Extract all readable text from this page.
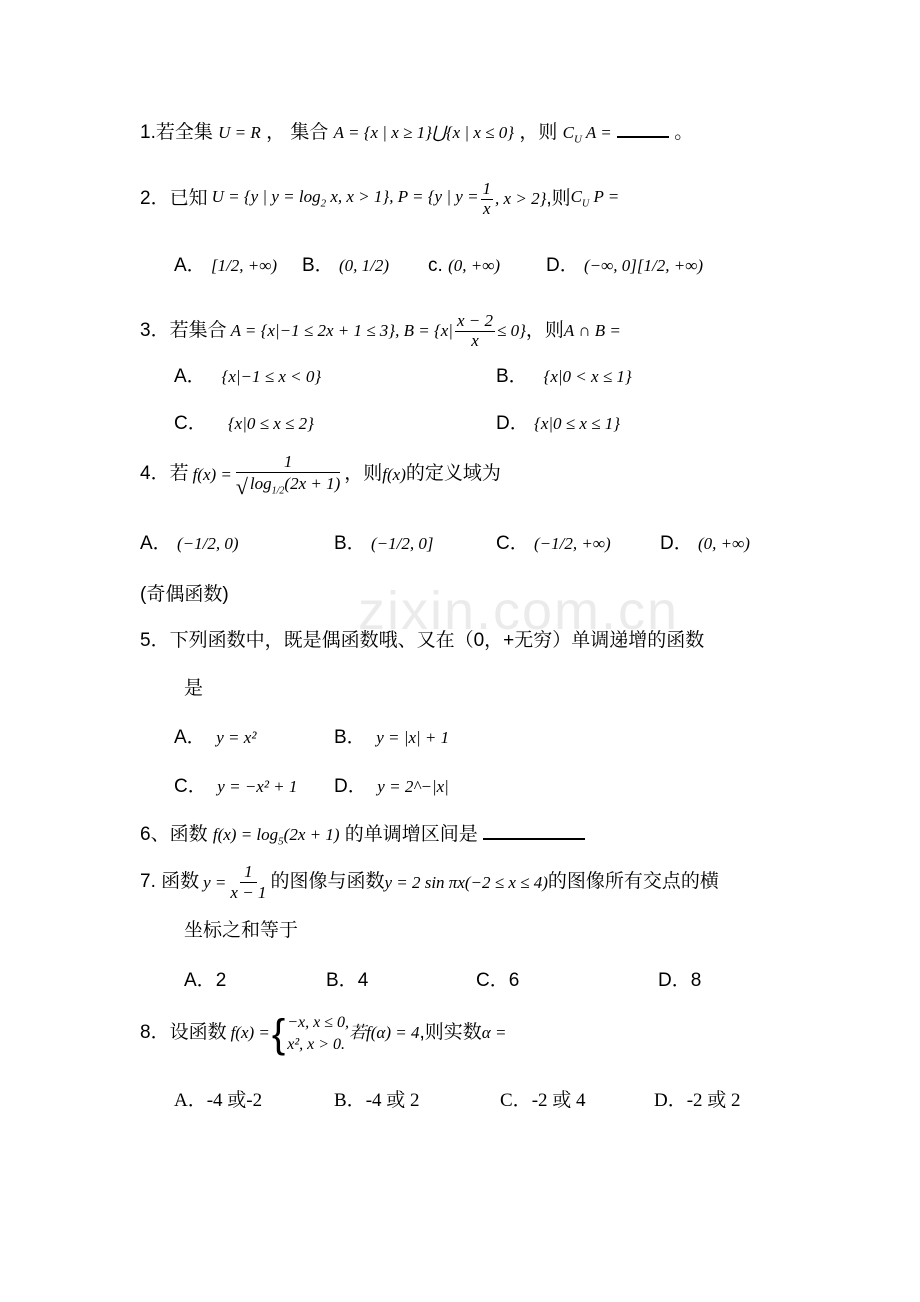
zixin.com.cn
1.若全集 U = R ， 集合 A = {x | x ≥ 1}⋃{x | x ≤ 0} ，则 $C_U$ A =	。
2．已知 U = {y | $y = \log_2 x$, x > 1}, P = {y | $y = \frac{1}{x}$ , x > 2} ,则 $C_U$ P =
A． [1/2, +∞) B． (0, 1/2) c. (0, +∞) D． (−∞, 0][1/2, +∞)
3．若集合 A = {x|−1 ≤ 2x + 1 ≤ 3}, $B = \{x| \frac{x - 2}{x} \le 0\}$ ，则 A ∩ B =
A． {x|−1 ≤ x < 0}	B． {x|0 < x ≤ 1}
C． {x|0 ≤ x ≤ 2}	D． {x|0 ≤ x ≤ 1}
4．若 $f(x) = \frac{1}{√ \log_{1/2}(2x + 1)}$ ，则 f(x) 的定义域为
A． (−1/2, 0)	B． (−1/2, 0]	C． (−1/2, +∞)	D． (0, +∞)
(奇偶函数)
5．下列函数中，既是偶函数哦、又在（0，+无穷）单调递增的函数
是
A． y = x²	B． y = |x| + 1
C． y = −x² + 1 D． y = 2^−|x|
6、函数 $f(x) = \log_5(2x + 1)$ 的单调增区间是
7. 函数 $y = \frac{1}{x - 1}$ 的图像与函数 y = 2 sin πx(−2 ≤ x ≤ 4) 的图像所有交点的横
坐标之和等于
A．2	B．4	C．6	D．8
8．设函数 f(x) = { −x, x ≤ 0,
x², x > 0.
若f(α) = 4 ,则实数 α =
A．-4 或-2	B．-4 或 2	C．-2 或 4	D．-2 或 2
